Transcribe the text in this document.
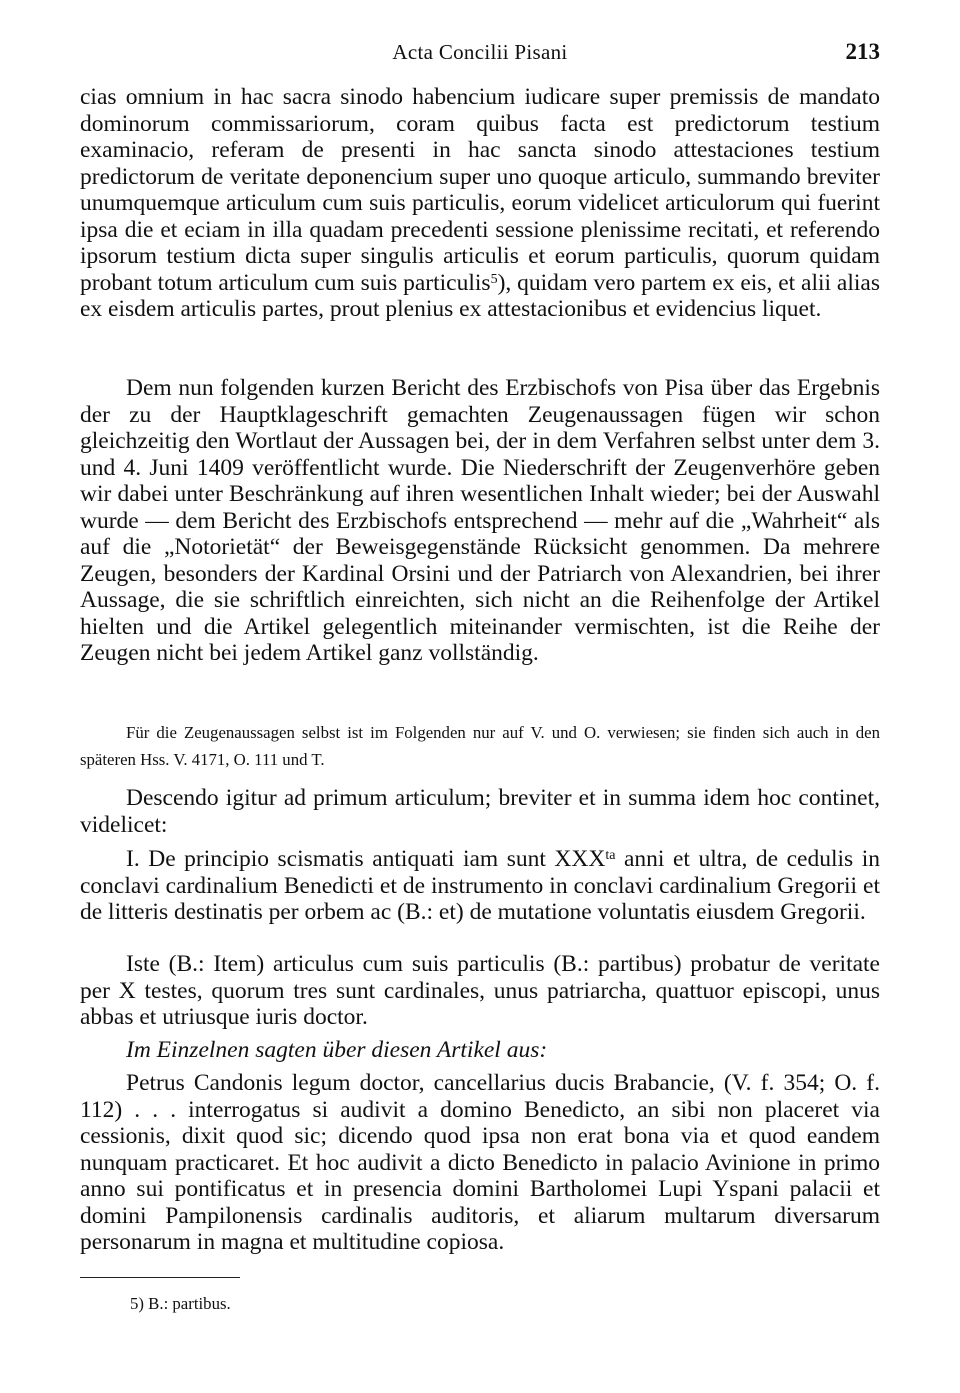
Acta Concilii Pisani	213

cias omnium in hac sacra sinodo habencium iudicare super premissis de mandato dominorum commissariorum, coram quibus facta est predictorum testium examinacio, referam de presenti in hac sancta sinodo attestaciones testium predictorum de veritate deponencium super uno quoque articulo, summando breviter unumquemque articulum cum suis particulis, eorum videlicet articulorum qui fuerint ipsa die et eciam in illa quadam precedenti sessione plenissime recitati, et referendo ipsorum testium dicta super singulis articulis et eorum particulis, quorum quidam probant totum articulum cum suis particulis$^5$), quidam vero partem ex eis, et alii alias ex eisdem articulis partes, prout plenius ex attestacionibus et evidencius liquet.

Dem nun folgenden kurzen Bericht des Erzbischofs von Pisa über das Ergebnis der zu der Hauptklageschrift gemachten Zeugenaussagen fügen wir schon gleichzeitig den Wortlaut der Aussagen bei, der in dem Verfahren selbst unter dem 3. und 4. Juni 1409 veröffentlicht wurde. Die Niederschrift der Zeugenverhöre geben wir dabei unter Beschränkung auf ihren wesentlichen Inhalt wieder; bei der Auswahl wurde — dem Bericht des Erzbischofs entsprechend — mehr auf die „Wahrheit“ als auf die „Notorietät“ der Beweisgegenstände Rücksicht genommen. Da mehrere Zeugen, besonders der Kardinal Orsini und der Patriarch von Alexandrien, bei ihrer Aussage, die sie schriftlich einreichten, sich nicht an die Reihenfolge der Artikel hielten und die Artikel gelegentlich miteinander vermischten, ist die Reihe der Zeugen nicht bei jedem Artikel ganz vollständig.

Für die Zeugenaussagen selbst ist im Folgenden nur auf V. und O. verwiesen; sie finden sich auch in den späteren Hss. V. 4171, O. 111 und T.

Descendo igitur ad primum articulum; breviter et in summa idem hoc continet, videlicet:

I. De principio scismatis antiquati iam sunt $XXX^{ta}$ anni et ultra, de cedulis in conclavi cardinalium Benedicti et de instrumento in conclavi cardinalium Gregorii et de litteris destinatis per orbem ac (B.: et) de mutatione voluntatis eiusdem Gregorii.

Iste (B.: Item) articulus cum suis particulis (B.: partibus) probatur de veritate per X testes, quorum tres sunt cardinales, unus patriarcha, quattuor episcopi, unus abbas et utriusque iuris doctor.

Im Einzelnen sagten über diesen Artikel aus:

Petrus Candonis legum doctor, cancellarius ducis Brabancie, (V. f. 354; O. f. 112) . . . interrogatus si audivit a domino Benedicto, an sibi non placeret via cessionis, dixit quod sic; dicendo quod ipsa non erat bona via et quod eandem nunquam practicaret. Et hoc audivit a dicto Benedicto in palacio Avinione in primo anno sui pontificatus et in presencia domini Bartholomei Lupi Yspani palacii et domini Pampilonensis cardinalis auditoris, et aliarum multarum diversarum personarum in magna et multitudine copiosa.

5) B.: partibus.
